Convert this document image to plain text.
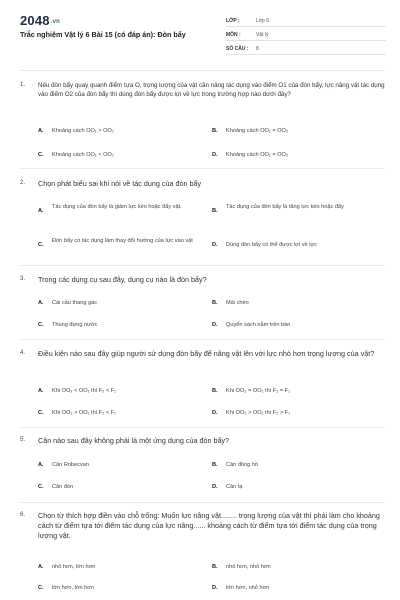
2048.vn
Trắc nghiệm Vật lý 6 Bài 15 (có đáp án): Đòn bẩy
LỚP :	Lớp 6
MÔN :	Vật lý
SỐ CÂU : 8
1. Nếu đòn bẩy quay quanh điểm tựa O, trọng lượng của vật cần nâng tác dụng vào điểm O1 của đòn bẩy, lực nâng vật tác dụng vào điểm O2 của đòn bẩy thì dùng đòn bẩy được lợi về lực trong trường hợp nào dưới đây?
A. Khoảng cách OO₁ > OO₂	B. Khoảng cách OO₁ = OO₂
C. Khoảng cách OO₁ < OO₂	D. Khoảng cách OO₁ = OO₂
2. Chọn phát biểu sai khi nói về tác dụng của đòn bẩy
A.
Tác dụng của đòn bẩy là giảm lực kéo hoặc đẩy vật.
B.
Tác dụng của đòn bẩy là tăng lực kéo hoặc đẩy
C.
Đòn bẩy có tác dụng làm thay đổi hướng của lực vào vật
D. Dùng đòn bẩy có thể được lợi về lực
3. Trong các dụng cụ sau đây, dụng cụ nào là đòn bẩy?
A. Cái cầu thang gác	B. Mái chèo
C. Thùng đựng nước	D. Quyển sách nằm trên bàn
4. Điều kiện nào sau đây giúp người sử dụng đòn bẩy để nâng vật lên với lực nhỏ hơn trọng lượng của vật?
A. Khi OO₂ < OO₁ thì F₂ < F₁	B. Khi OO₂ = OO₁ thì F₂ = F₁
C. Khi OO₂ > OO₁ thì F₂ < F₁	D. Khi OO₂ > OO₁ thì F₂ > F₁
5. Cân nào sau đây không phải là một ứng dụng của đòn bẩy?
A. Cân Robecvan	B. Cân đồng hồ
C. Cân đòn	D. Cân tạ
6. Chọn từ thích hợp điền vào chỗ trống: Muốn lực nâng vật........ trọng lượng của vật thì phải làm cho khoảng cách từ điểm tựa tới điểm tác dụng của lực nâng...... khoảng cách từ điểm tựa tới điểm tác dụng của trọng lượng vật.
A. nhỏ hơn, lớn hơn	B. nhỏ hơn, nhỏ hơn
C. lớn hơn, lớn hơn	D. lớn hơn, nhỏ hơn
